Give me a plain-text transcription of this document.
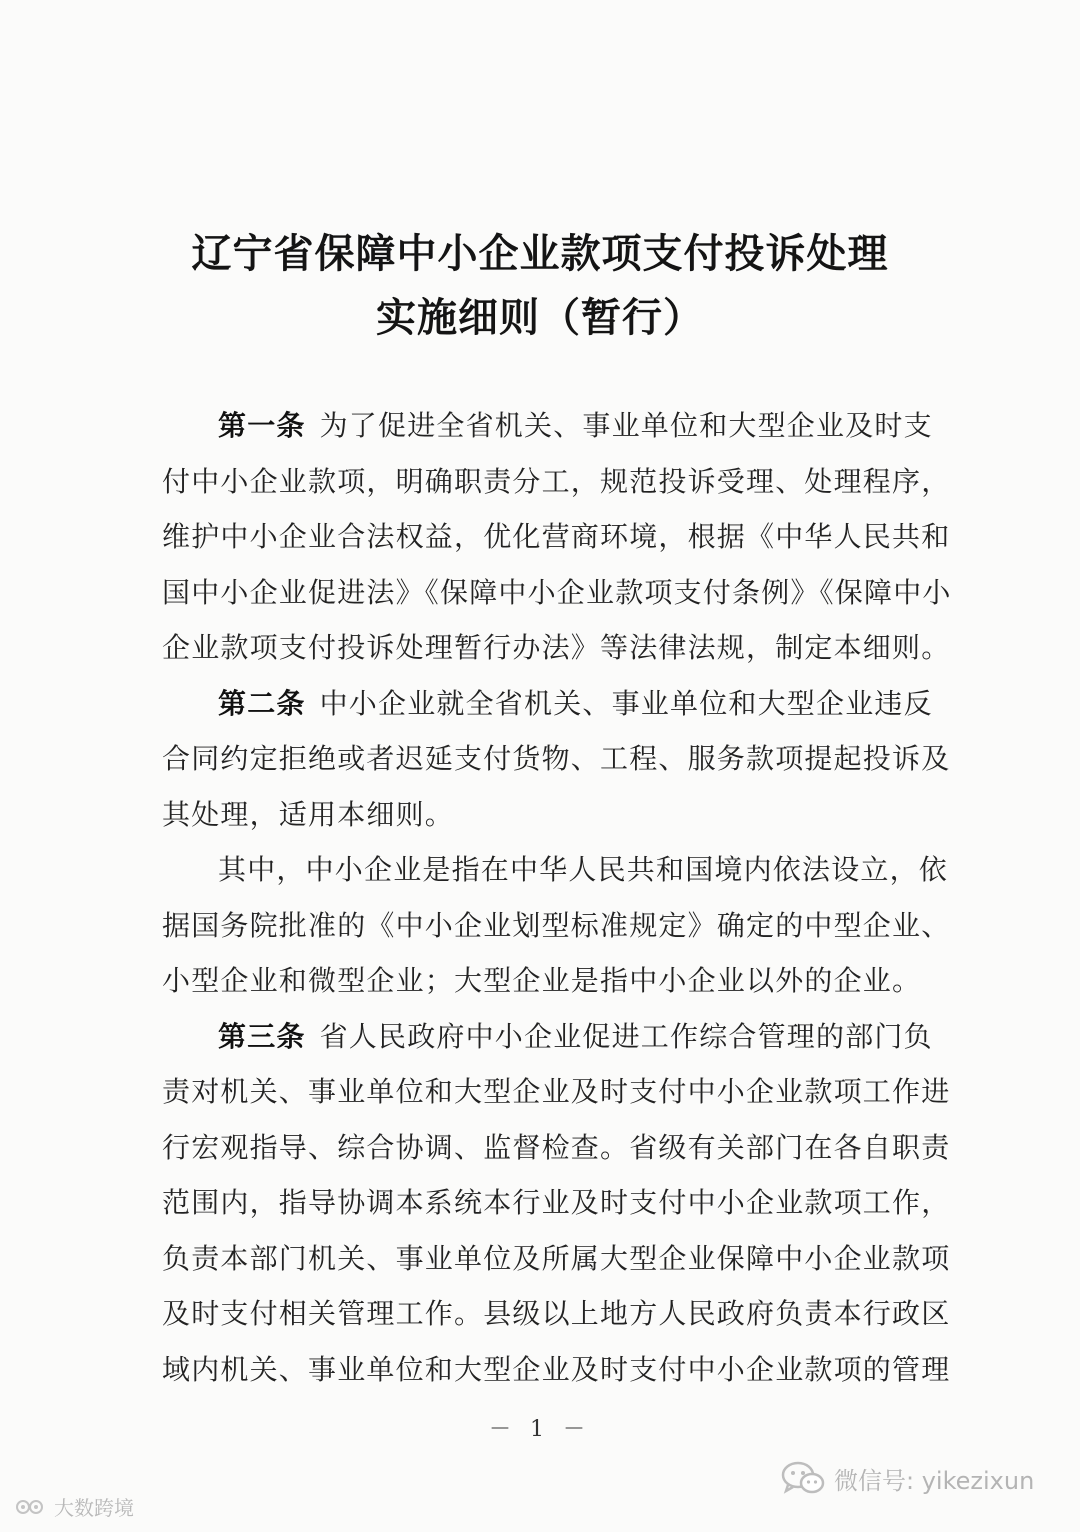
辽宁省保障中小企业款项支付投诉处理
实施细则（暂行）
第一条 为了促进全省机关、事业单位和大型企业及时支
付中小企业款项，明确职责分工，规范投诉受理、处理程序，
维护中小企业合法权益，优化营商环境，根据《中华人民共和
国中小企业促进法》《保障中小企业款项支付条例》《保障中小
企业款项支付投诉处理暂行办法》等法律法规，制定本细则。
第二条 中小企业就全省机关、事业单位和大型企业违反
合同约定拒绝或者迟延支付货物、工程、服务款项提起投诉及
其处理，适用本细则。
其中，中小企业是指在中华人民共和国境内依法设立，依
据国务院批准的《中小企业划型标准规定》确定的中型企业、
小型企业和微型企业；大型企业是指中小企业以外的企业。
第三条 省人民政府中小企业促进工作综合管理的部门负
责对机关、事业单位和大型企业及时支付中小企业款项工作进
行宏观指导、综合协调、监督检查。省级有关部门在各自职责
范围内，指导协调本系统本行业及时支付中小企业款项工作，
负责本部门机关、事业单位及所属大型企业保障中小企业款项
及时支付相关管理工作。县级以上地方人民政府负责本行政区
域内机关、事业单位和大型企业及时支付中小企业款项的管理
－ 1 －
微信号: yikezixun
大数跨境
